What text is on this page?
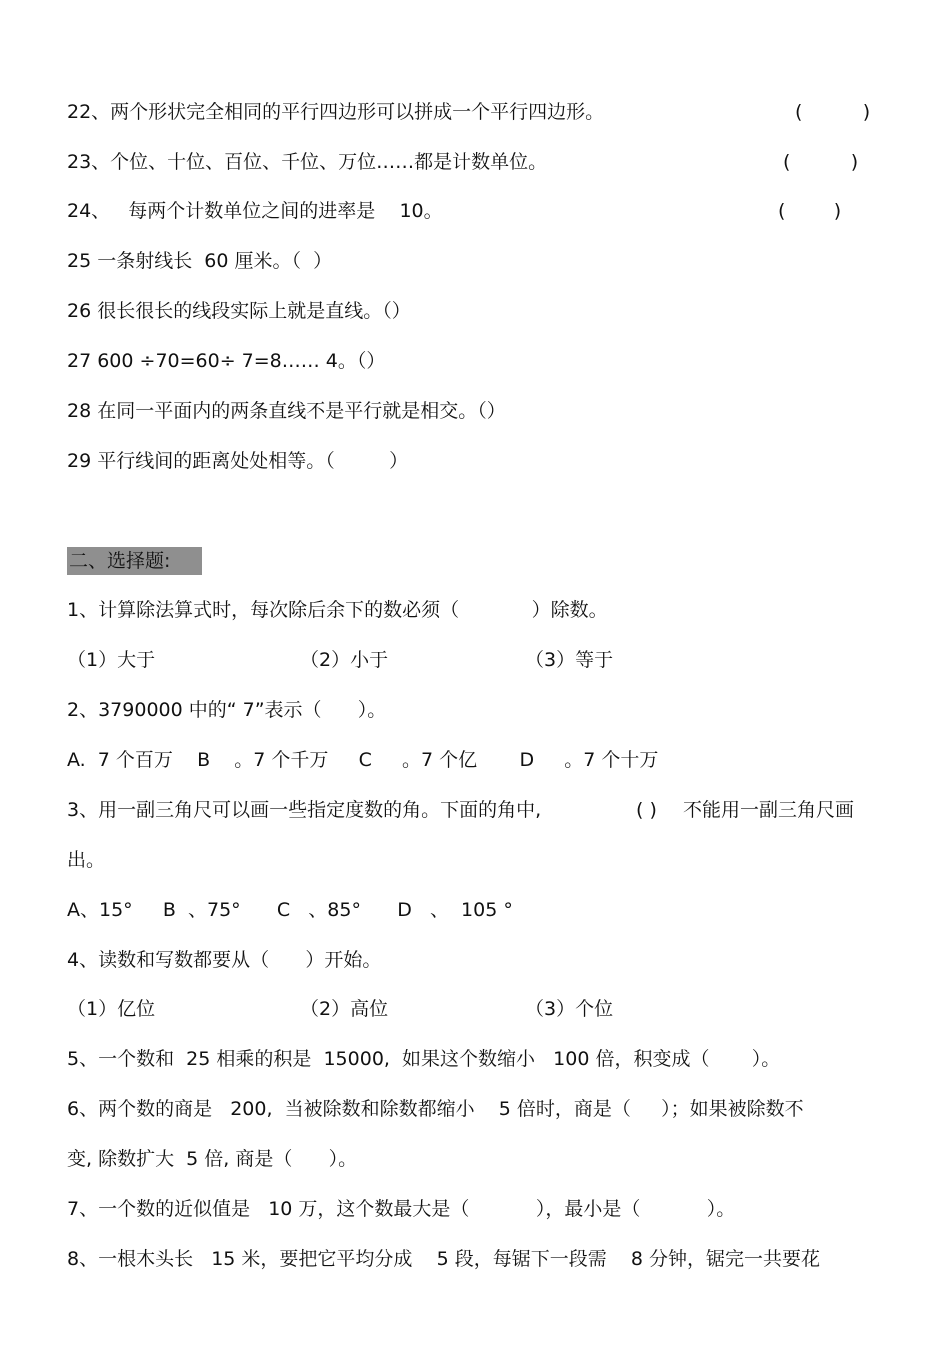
22、两个形状完全相同的平行四边形可以拼成一个平行四边形。	(          )
23、个位、十位、百位、千位、万位……都是计数单位。	(          )
24、   每两个计数单位之间的进率是    10。	(        )
25 一条射线长  60 厘米。（  ）
26 很长很长的线段实际上就是直线。（）
27 600 ÷70=60÷ 7=8…… 4。（）
28 在同一平面内的两条直线不是平行就是相交。（）
29 平行线间的距离处处相等。（         ）
二、选择题:
1、计算除法算式时，每次除后余下的数必须（            ）除数。
（1）大于	（2）小于	（3）等于
2、3790000 中的“ 7”表示（      ）。
A.  7 个百万    B    。7 个千万     C     。7 个亿       D     。7 个十万
3、用一副三角尺可以画一些指定度数的角。下面的角中,	( ) 不能用一副三角尺画
出。
A、15°     B  、75°      C   、85°      D   、  105 °
4、读数和写数都要从（      ）开始。
（1）亿位	（2）高位	（3）个位
5、一个数和  25 相乘的积是  15000,  如果这个数缩小   100 倍，积变成（       ）。
6、两个数的商是   200,  当被除数和除数都缩小    5 倍时，商是（     ）；如果被除数不
变, 除数扩大  5 倍, 商是（      ）。
7、一个数的近似值是   10 万，这个数最大是（           ），最小是（           ）。
8、一根木头长   15 米，要把它平均分成    5 段，每锯下一段需    8 分钟，锯完一共要花
